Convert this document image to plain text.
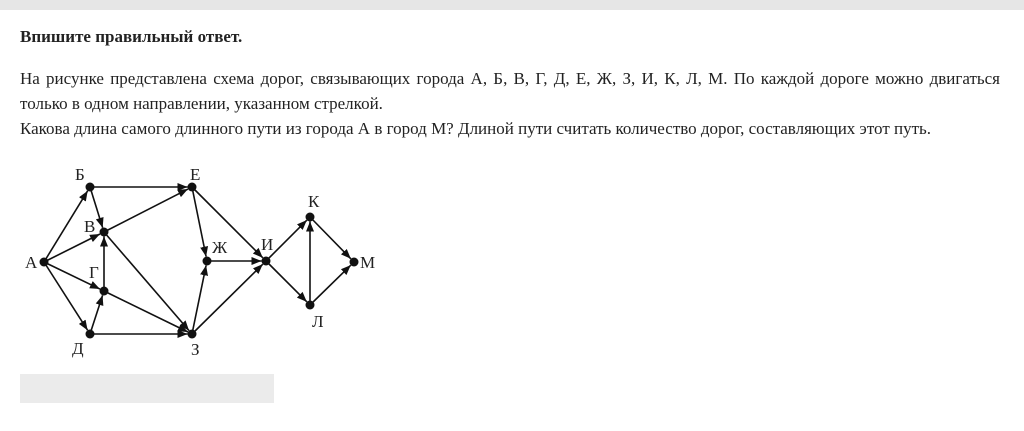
Впишите правильный ответ.

На рисунке представлена схема дорог, связывающих города А, Б, В, Г, Д, Е, Ж, З, И, К, Л, М. По каждой дороге можно двигаться только в одном направлении, указанном стрелкой.

Какова длина самого длинного пути из города А в город М? Длиной пути считать количество дорог, составляющих этот путь.

А
Б
В
Г
Д
Е
Ж
З
И
К
Л
М
